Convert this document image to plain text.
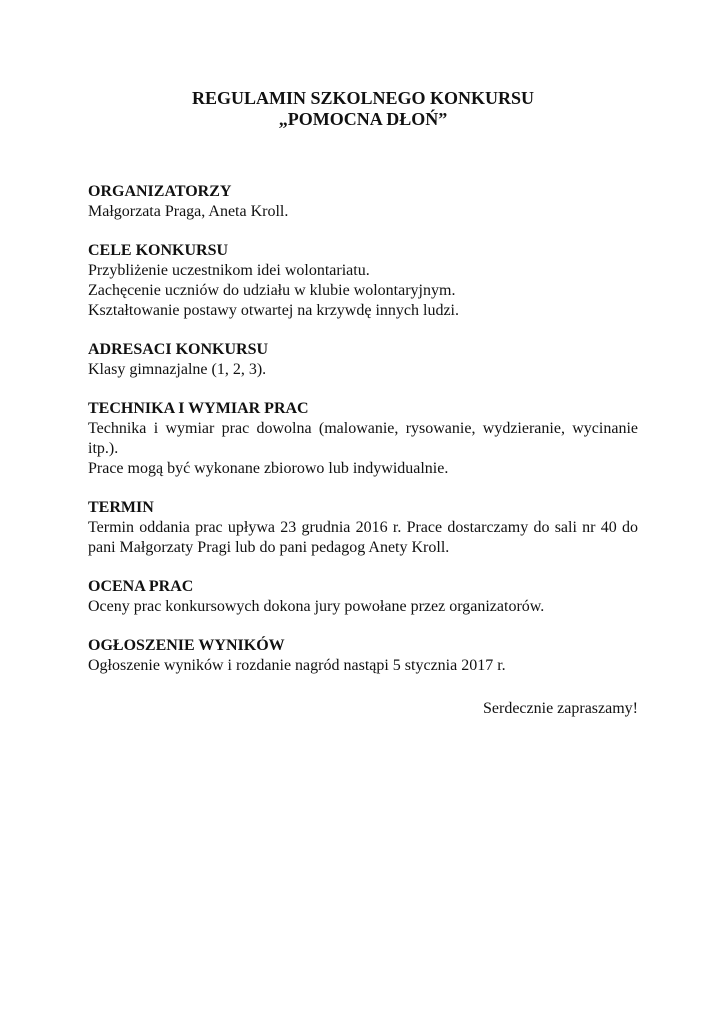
REGULAMIN SZKOLNEGO KONKURSU

„POMOCNA DŁOŃ”

ORGANIZATORZY

Małgorzata Praga, Aneta Kroll.

CELE KONKURSU

Przybliżenie uczestnikom idei wolontariatu.

Zachęcenie uczniów do udziału w klubie wolontaryjnym.

Kształtowanie postawy otwartej na krzywdę innych ludzi.

ADRESACI KONKURSU

Klasy gimnazjalne (1, 2, 3).

TECHNIKA I WYMIAR PRAC

Technika i wymiar prac dowolna (malowanie, rysowanie, wydzieranie, wycinanie itp.).

Prace mogą być wykonane zbiorowo lub indywidualnie.

TERMIN

Termin oddania prac upływa 23 grudnia 2016 r. Prace dostarczamy do sali nr 40 do pani Małgorzaty Pragi lub do pani pedagog Anety Kroll.

OCENA PRAC

Oceny prac konkursowych dokona jury powołane przez organizatorów.

OGŁOSZENIE WYNIKÓW

Ogłoszenie wyników i rozdanie nagród nastąpi 5 stycznia 2017 r.

Serdecznie zapraszamy!
